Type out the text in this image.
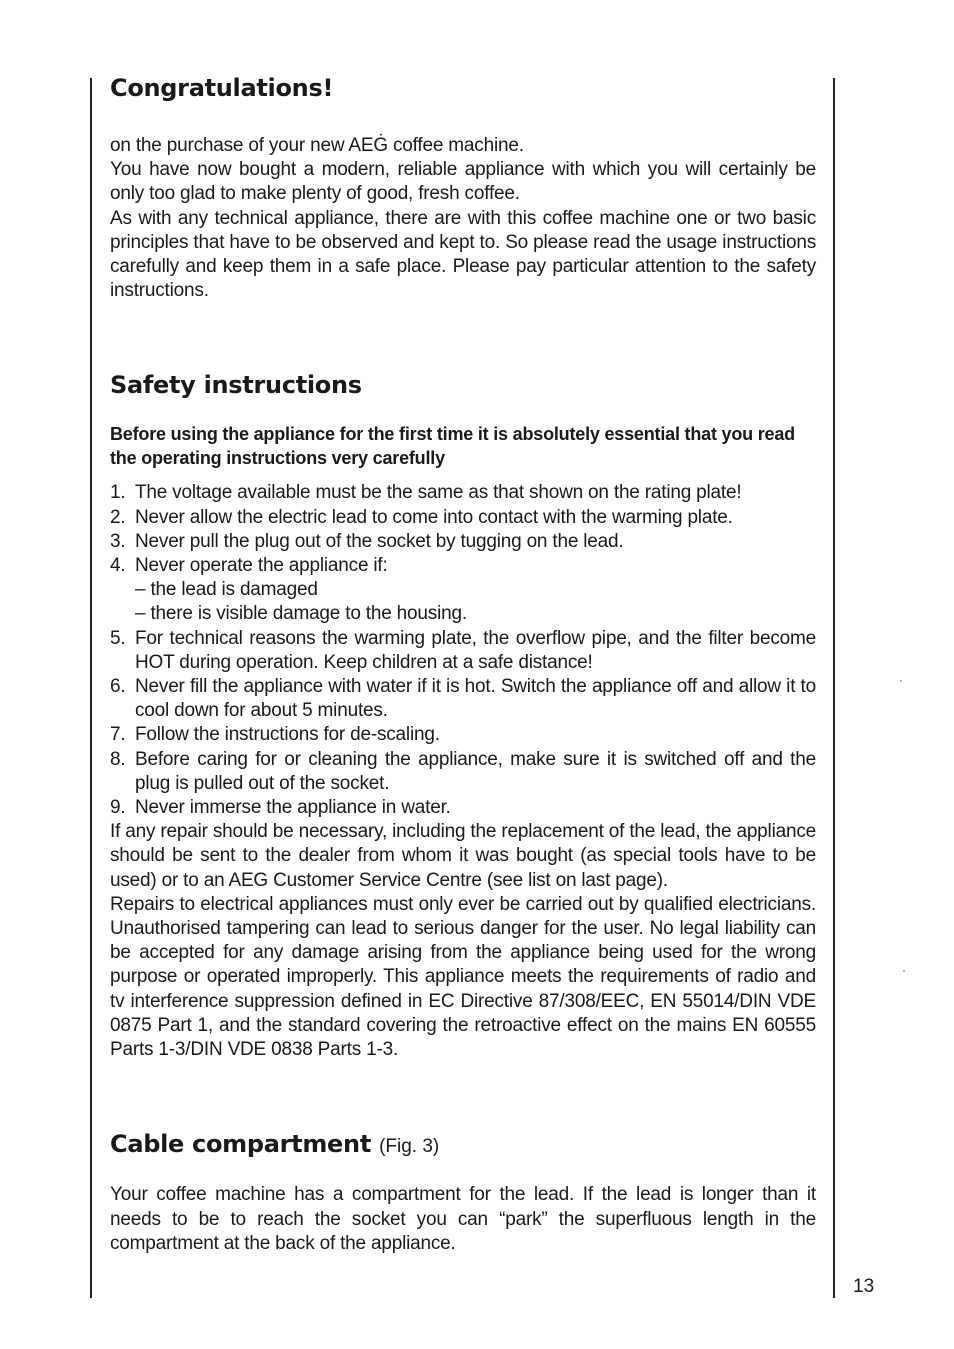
Congratulations!

on the purchase of your new AEĠ coffee machine.

You have now bought a modern, reliable appliance with which you will certainly be only too glad to make plenty of good, fresh coffee.

As with any technical appliance, there are with this coffee machine one or two basic principles that have to be observed and kept to. So please read the usage instructions carefully and keep them in a safe place. Please pay particular attention to the safety instructions.

Safety instructions

Before using the appliance for the first time it is absolutely essential that you read the operating instructions very carefully

1. The voltage available must be the same as that shown on the rating plate!
2. Never allow the electric lead to come into contact with the warming plate.
3. Never pull the plug out of the socket by tugging on the lead.
4. Never operate the appliance if:
– the lead is damaged
– there is visible damage to the housing.
5. For technical reasons the warming plate, the overflow pipe, and the filter become HOT during operation. Keep children at a safe distance!
6. Never fill the appliance with water if it is hot. Switch the appliance off and allow it to cool down for about 5 minutes.
7. Follow the instructions for de-scaling.
8. Before caring for or cleaning the appliance, make sure it is switched off and the plug is pulled out of the socket.
9. Never immerse the appliance in water.

If any repair should be necessary, including the replacement of the lead, the appliance should be sent to the dealer from whom it was bought (as special tools have to be used) or to an AEG Customer Service Centre (see list on last page).

Repairs to electrical appliances must only ever be carried out by qualified electricians. Unauthorised tampering can lead to serious danger for the user. No legal liability can be accepted for any damage arising from the appliance being used for the wrong purpose or operated improperly. This appliance meets the requirements of radio and tv interference suppression defined in EC Directive 87/308/EEC, EN 55014/DIN VDE 0875 Part 1, and the standard covering the retroactive effect on the mains EN 60555 Parts 1-3/DIN VDE 0838 Parts 1-3.

Cable compartment (Fig. 3)

Your coffee machine has a compartment for the lead. If the lead is longer than it needs to be to reach the socket you can “park” the superfluous length in the compartment at the back of the appliance.

13
